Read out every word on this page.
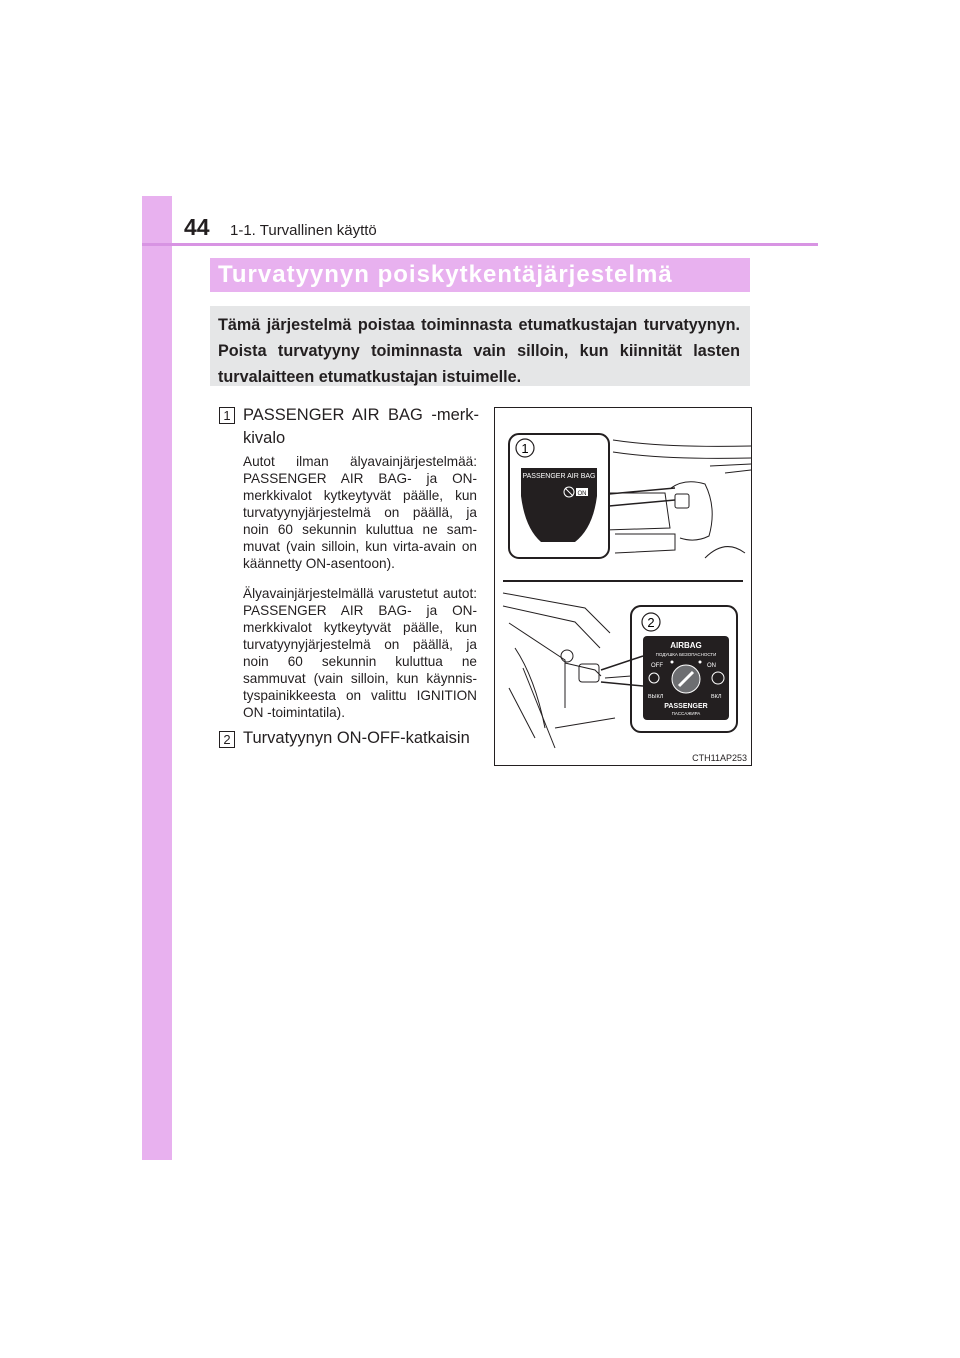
44 1-1. Turvallinen käyttö
Turvatyynyn poiskytkentäjärjestelmä
Tämä järjestelmä poistaa toiminnasta etumatkustajan turvatyynyn. Poista turvatyyny toiminnasta vain silloin, kun kiinnität lasten turvalaitteen etumatkustajan istuimelle.
1 PASSENGER AIR BAG -merk-kivalo
Autot ilman älyavainjärjestelmää: PASSENGER AIR BAG- ja ON-merkkivalot kytkeytyvät päälle, kun turvatyynyjärjestelmä on päällä, ja noin 60 sekunnin kuluttua ne sam-muvat (vain silloin, kun virta-avain on käännetty ON-asentoon).
Älyavainjärjestelmällä varustetut autot: PASSENGER AIR BAG- ja ON- merkkivalot kytkeytyvät päälle, kun turvatyynyjärjestelmä on päällä, ja noin 60 sekunnin kuluttua ne sammuvat (vain silloin, kun käynnis-tyspainikkeesta on valittu IGNITION ON -toimintatila).
2 Turvatyynyn ON-OFF-katkaisin
1
PASSENGER AIR BAG
ON
2
AIRBAG
ПОДУШКА БЕЗОПАСНОСТИ
OFF	ON
ВЫКЛ	ВКЛ
PASSENGER
ПАССАЖИРА
CTH11AP253
